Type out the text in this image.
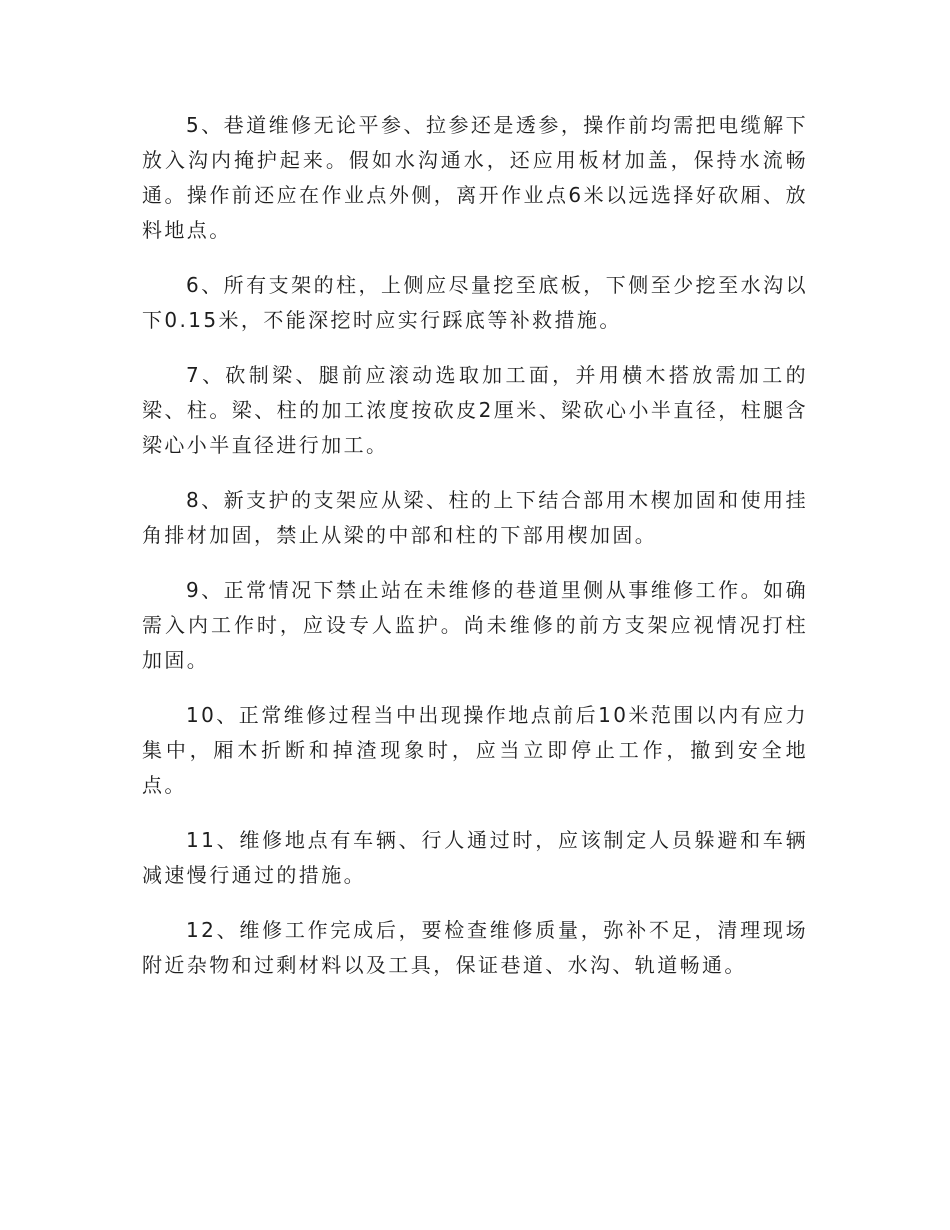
5、巷道维修无论平参、拉参还是透参，操作前均需把电缆解下放入沟内掩护起来。假如水沟通水，还应用板材加盖，保持水流畅通。操作前还应在作业点外侧，离开作业点6米以远选择好砍厢、放料地点。

6、所有支架的柱，上侧应尽量挖至底板，下侧至少挖至水沟以下0.15米，不能深挖时应实行踩底等补救措施。

7、砍制梁、腿前应滚动选取加工面，并用横木搭放需加工的梁、柱。梁、柱的加工浓度按砍皮2厘米、梁砍心小半直径，柱腿含梁心小半直径进行加工。

8、新支护的支架应从梁、柱的上下结合部用木楔加固和使用挂角排材加固，禁止从梁的中部和柱的下部用楔加固。

9、正常情况下禁止站在未维修的巷道里侧从事维修工作。如确需入内工作时，应设专人监护。尚未维修的前方支架应视情况打柱加固。

10、正常维修过程当中出现操作地点前后10米范围以内有应力集中，厢木折断和掉渣现象时，应当立即停止工作，撤到安全地点。

11、维修地点有车辆、行人通过时，应该制定人员躲避和车辆减速慢行通过的措施。

12、维修工作完成后，要检查维修质量，弥补不足，清理现场附近杂物和过剩材料以及工具，保证巷道、水沟、轨道畅通。
